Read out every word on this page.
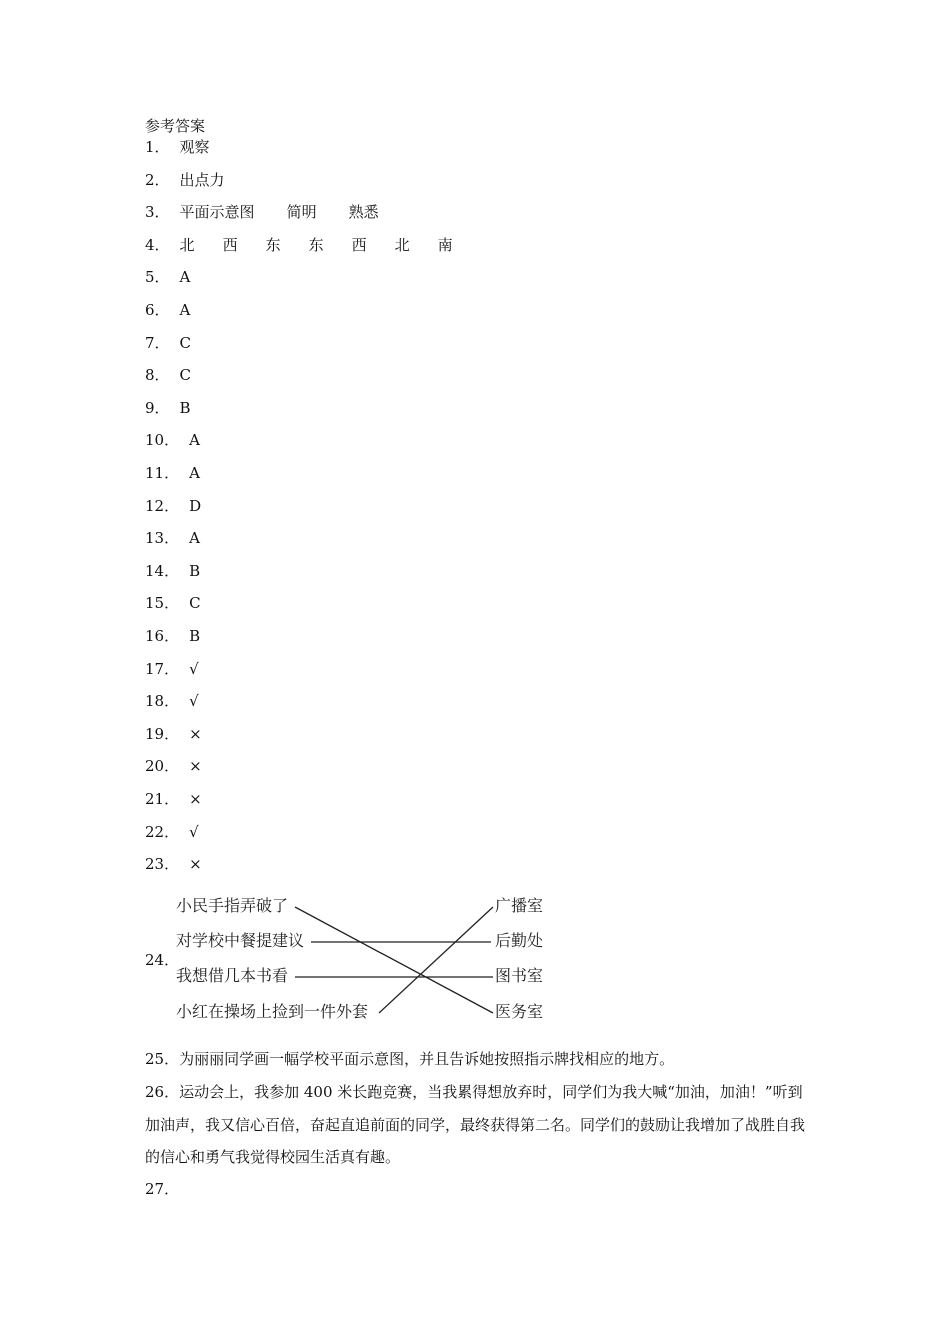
参考答案
1． 观察
2． 出点力
3． 平面示意图 简明 熟悉
4． 北 西 东 东 西 北 南
5． A
6． A
7． C
8． C
9． B
10． A
11． A
12． D
13． A
14． B
15． C
16． B
17． √
18． √
19． ×
20． ×
21． ×
22． √
23． ×
24．
小民手指弄破了
对学校中餐提建议
我想借几本书看
小红在操场上捡到一件外套
广播室
后勤处
图书室
医务室
25．为丽丽同学画一幅学校平面示意图，并且告诉她按照指示牌找相应的地方。
26．运动会上，我参加 400 米长跑竞赛，当我累得想放弃时，同学们为我大喊“加油，加油！”听到加油声，我又信心百倍，奋起直追前面的同学，最终获得第二名。同学们的鼓励让我增加了战胜自我的信心和勇气我觉得校园生活真有趣。
27．
